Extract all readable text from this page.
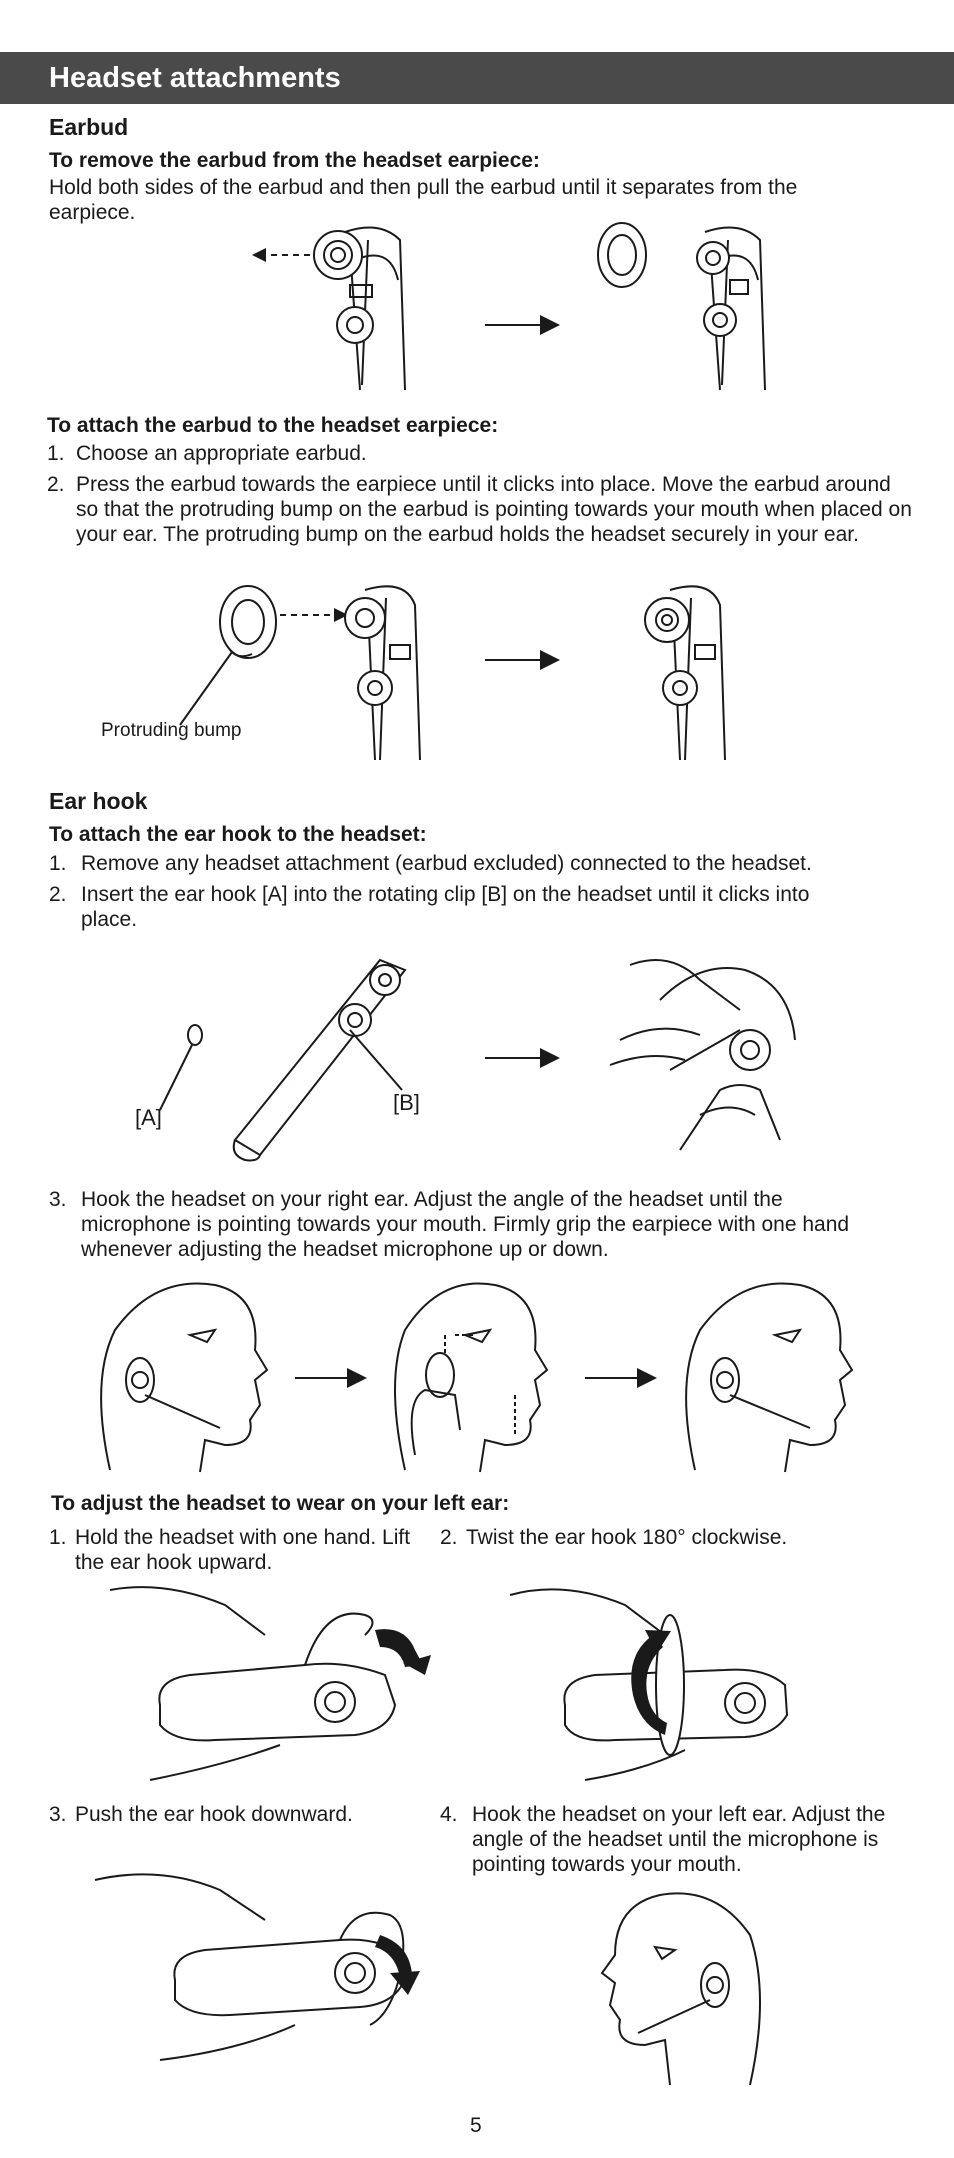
Headset attachments
Earbud
To remove the earbud from the headset earpiece:
Hold both sides of the earbud and then pull the earbud until it separates from the earpiece.
To attach the earbud to the headset earpiece:
1. Choose an appropriate earbud.
2. Press the earbud towards the earpiece until it clicks into place. Move the earbud around so that the protruding bump on the earbud is pointing towards your mouth when placed on your ear. The protruding bump on the earbud holds the headset securely in your ear.
Protruding bump
Ear hook
To attach the ear hook to the headset:
1. Remove any headset attachment (earbud excluded) connected to the headset.
2. Insert the ear hook [A] into the rotating clip [B] on the headset until it clicks into place.
[A]
[B]
3. Hook the headset on your right ear. Adjust the angle of the headset until the microphone is pointing towards your mouth. Firmly grip the earpiece with one hand whenever adjusting the headset microphone up or down.
To adjust the headset to wear on your left ear:
1. Hold the headset with one hand. Lift the ear hook upward.
2. Twist the ear hook 180° clockwise.
3. Push the ear hook downward.	4. Hook the headset on your left ear. Adjust the angle of the headset until the microphone is pointing towards your mouth.
5
